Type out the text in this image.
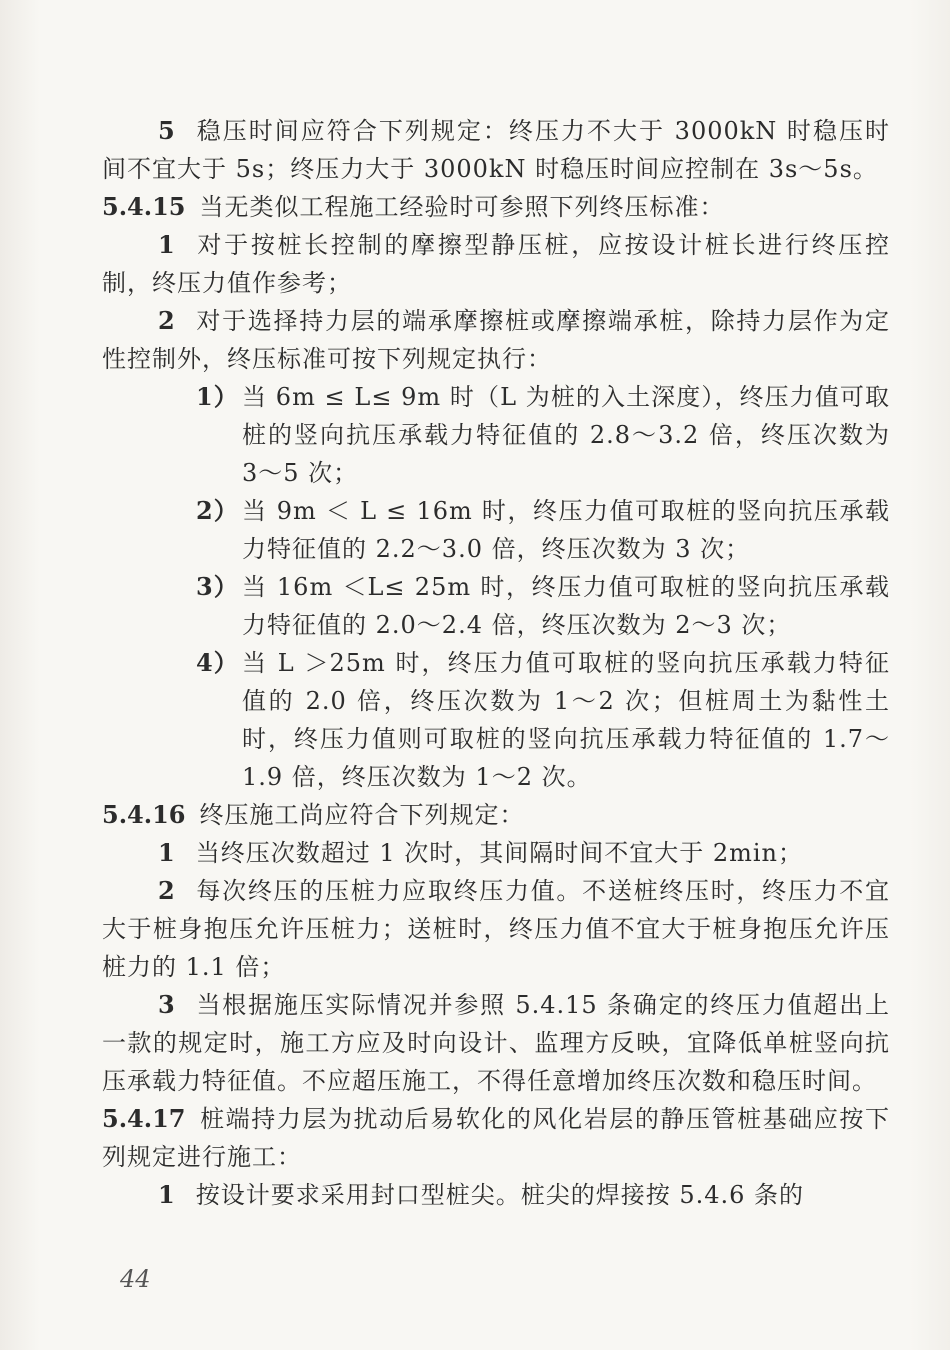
5 稳压时间应符合下列规定：终压力不大于 3000kN 时稳压时间不宜大于 5s；终压力大于 3000kN 时稳压时间应控制在 3s～5s。

5.4.15 当无类似工程施工经验时可参照下列终压标准：

1 对于按桩长控制的摩擦型静压桩，应按设计桩长进行终压控制，终压力值作参考；

2 对于选择持力层的端承摩擦桩或摩擦端承桩，除持力层作为定性控制外，终压标准可按下列规定执行：

1） 当 6m ≤ L≤ 9m 时（L 为桩的入土深度），终压力值可取桩的竖向抗压承载力特征值的 2.8～3.2 倍，终压次数为 3～5 次；

2） 当 9m ＜ L ≤ 16m 时，终压力值可取桩的竖向抗压承载力特征值的 2.2～3.0 倍，终压次数为 3 次；

3） 当 16m ＜L≤ 25m 时，终压力值可取桩的竖向抗压承载力特征值的 2.0～2.4 倍，终压次数为 2～3 次；

4） 当 L ＞25m 时，终压力值可取桩的竖向抗压承载力特征值的 2.0 倍，终压次数为 1～2 次；但桩周土为黏性土时，终压力值则可取桩的竖向抗压承载力特征值的 1.7～1.9 倍，终压次数为 1～2 次。

5.4.16 终压施工尚应符合下列规定：

1 当终压次数超过 1 次时，其间隔时间不宜大于 2min；

2 每次终压的压桩力应取终压力值。不送桩终压时，终压力不宜大于桩身抱压允许压桩力；送桩时，终压力值不宜大于桩身抱压允许压桩力的 1.1 倍；

3 当根据施压实际情况并参照 5.4.15 条确定的终压力值超出上一款的规定时，施工方应及时向设计、监理方反映，宜降低单桩竖向抗压承载力特征值。不应超压施工，不得任意增加终压次数和稳压时间。

5.4.17 桩端持力层为扰动后易软化的风化岩层的静压管桩基础应按下列规定进行施工：

1 按设计要求采用封口型桩尖。桩尖的焊接按 5.4.6 条的

44
